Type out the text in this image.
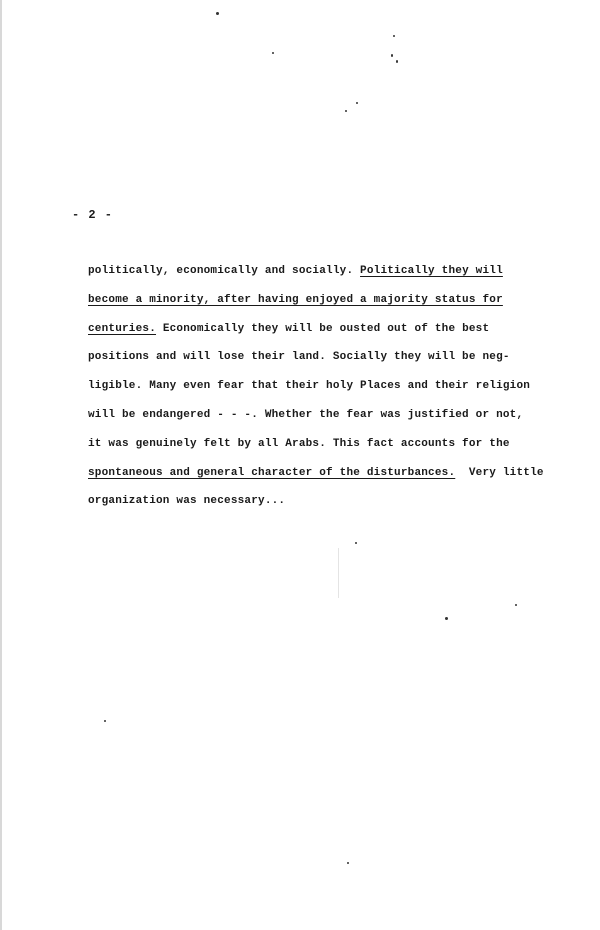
- 2 -
politically, economically and socially. Politically they will
become a minority, after having enjoyed a majority status for
centuries. Economically they will be ousted out of the best
positions and will lose their land. Socially they will be neg-
ligible. Many even fear that their holy Places and their religion
will be endangered - - -. Whether the fear was justified or not,
it was genuinely felt by all Arabs. This fact accounts for the
spontaneous and general character of the disturbances.  Very little
organization was necessary...
